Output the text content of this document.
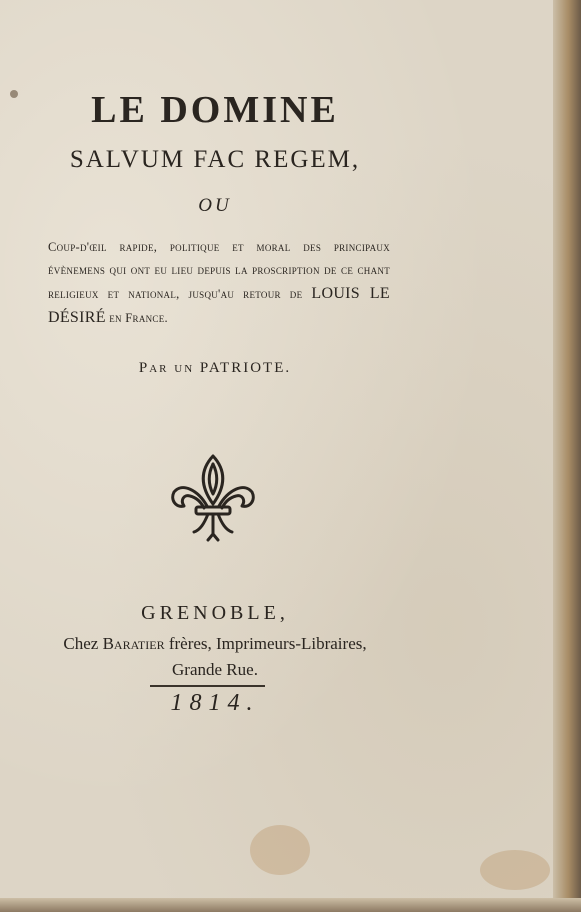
LE DOMINE
SALVUM FAC REGEM,
OU
Coup-d'œil rapide, politique et moral des principaux évènemens qui ont eu lieu depuis la proscription de ce chant religieux et national, jusqu'au retour de LOUIS LE DÉSIRÉ en France.
Par un PATRIOTE.
GRENOBLE,
Chez Baratier frères, Imprimeurs-Libraires,
Grande Rue.
1814.
